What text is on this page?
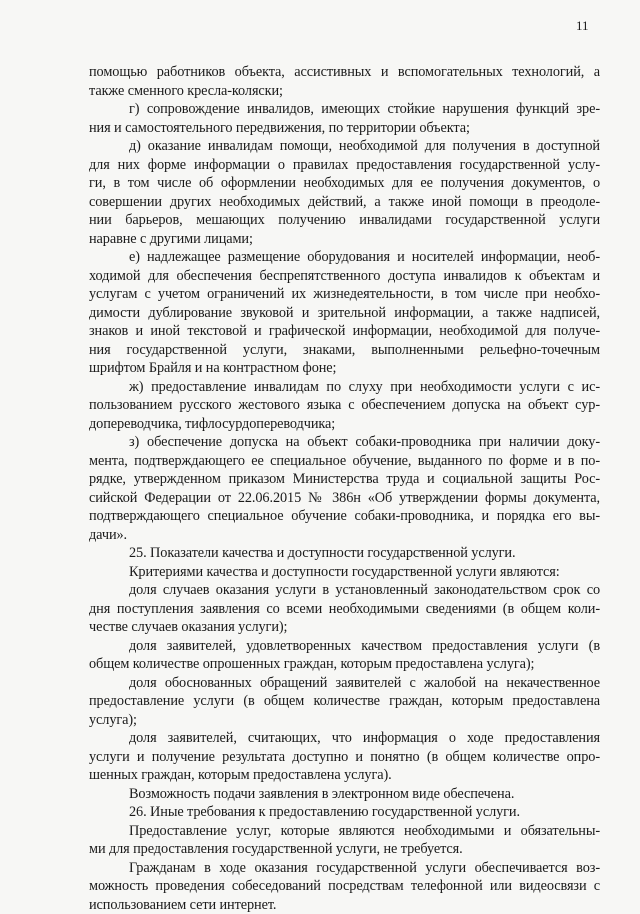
11
помощью работников объекта, ассистивных и вспомогательных технологий, а
также сменного кресла-коляски;
г) сопровождение инвалидов, имеющих стойкие нарушения функций зре-
ния и самостоятельного передвижения, по территории объекта;
д) оказание инвалидам помощи, необходимой для получения в доступной
для них форме информации о правилах предоставления государственной услу-
ги, в том числе об оформлении необходимых для ее получения документов, о
совершении других необходимых действий, а также иной помощи в преодоле-
нии барьеров, мешающих получению инвалидами государственной услуги
наравне с другими лицами;
е) надлежащее размещение оборудования и носителей информации, необ-
ходимой для обеспечения беспрепятственного доступа инвалидов к объектам и
услугам с учетом ограничений их жизнедеятельности, в том числе при необхо-
димости дублирование звуковой и зрительной информации, а также надписей,
знаков и иной текстовой и графической информации, необходимой для получе-
ния государственной услуги, знаками, выполненными рельефно-точечным
шрифтом Брайля и на контрастном фоне;
ж) предоставление инвалидам по слуху при необходимости услуги с ис-
пользованием русского жестового языка с обеспечением допуска на объект сур-
допереводчика, тифлосурдопереводчика;
з) обеспечение допуска на объект собаки-проводника при наличии доку-
мента, подтверждающего ее специальное обучение, выданного по форме и в по-
рядке, утвержденном приказом Министерства труда и социальной защиты Рос-
сийской Федерации от 22.06.2015 № 386н «Об утверждении формы документа,
подтверждающего специальное обучение собаки-проводника, и порядка его вы-
дачи».
25. Показатели качества и доступности государственной услуги.
Критериями качества и доступности государственной услуги являются:
доля случаев оказания услуги в установленный законодательством срок со
дня поступления заявления со всеми необходимыми сведениями (в общем коли-
честве случаев оказания услуги);
доля заявителей, удовлетворенных качеством предоставления услуги (в
общем количестве опрошенных граждан, которым предоставлена услуга);
доля обоснованных обращений заявителей с жалобой на некачественное
предоставление услуги (в общем количестве граждан, которым предоставлена
услуга);
доля заявителей, считающих, что информация о ходе предоставления
услуги и получение результата доступно и понятно (в общем количестве опро-
шенных граждан, которым предоставлена услуга).
Возможность подачи заявления в электронном виде обеспечена.
26. Иные требования к предоставлению государственной услуги.
Предоставление услуг, которые являются необходимыми и обязательны-
ми для предоставления государственной услуги, не требуется.
Гражданам в ходе оказания государственной услуги обеспечивается воз-
можность проведения собеседований посредствам телефонной или видеосвязи с
использованием сети интернет.
